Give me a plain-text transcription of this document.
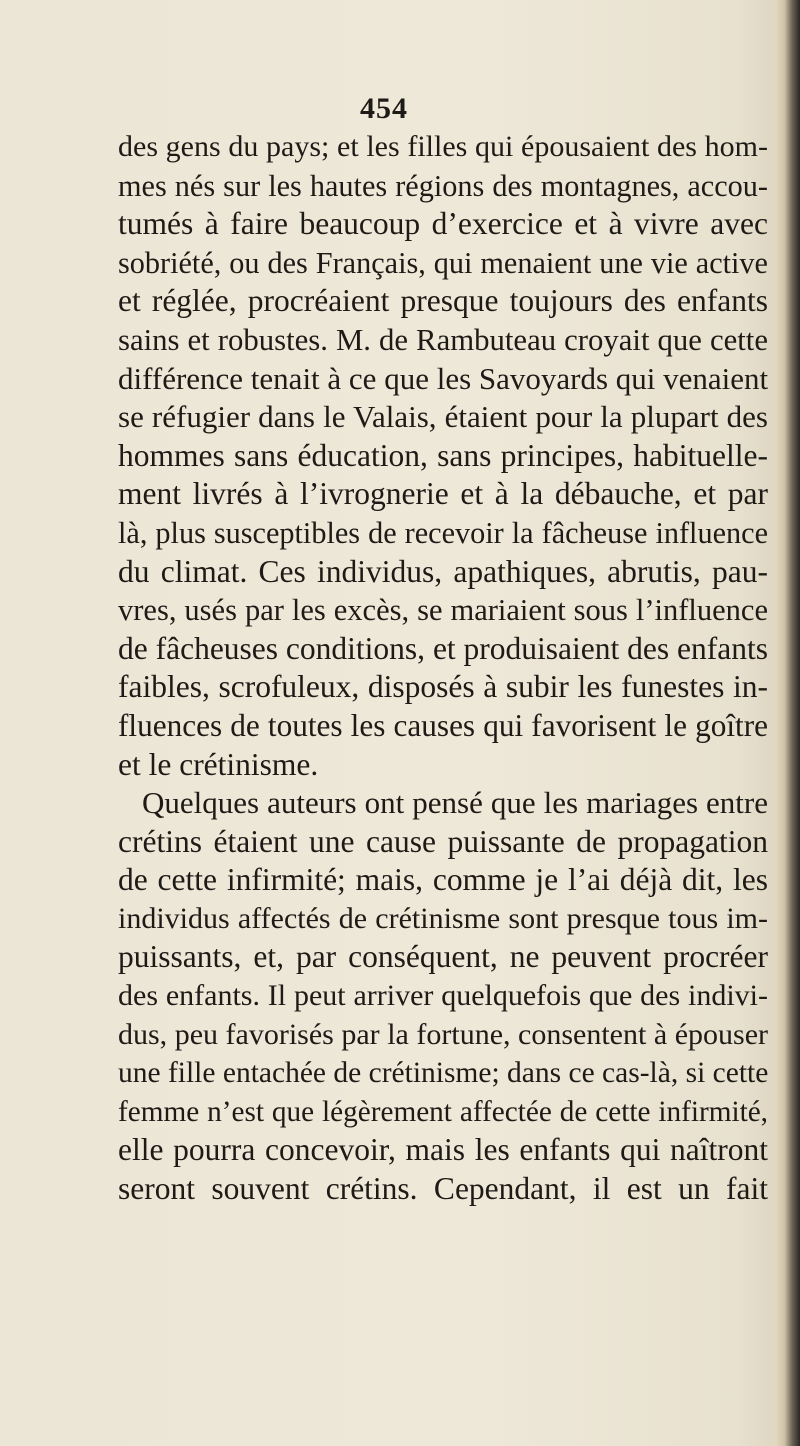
454
des gens du pays; et les filles qui épousaient des hom-
mes nés sur les hautes régions des montagnes, accou-
tumés à faire beaucoup d’exercice et à vivre avec
sobriété, ou des Français, qui menaient une vie active
et réglée, procréaient presque toujours des enfants
sains et robustes. M. de Rambuteau croyait que cette
différence tenait à ce que les Savoyards qui venaient
se réfugier dans le Valais, étaient pour la plupart des
hommes sans éducation, sans principes, habituelle-
ment livrés à l’ivrognerie et à la débauche, et par
là, plus susceptibles de recevoir la fâcheuse influence
du climat. Ces individus, apathiques, abrutis, pau-
vres, usés par les excès, se mariaient sous l’influence
de fâcheuses conditions, et produisaient des enfants
faibles, scrofuleux, disposés à subir les funestes in-
fluences de toutes les causes qui favorisent le goître
et le crétinisme.
Quelques auteurs ont pensé que les mariages entre
crétins étaient une cause puissante de propagation
de cette infirmité; mais, comme je l’ai déjà dit, les
individus affectés de crétinisme sont presque tous im-
puissants, et, par conséquent, ne peuvent procréer
des enfants. Il peut arriver quelquefois que des indivi-
dus, peu favorisés par la fortune, consentent à épouser
une fille entachée de crétinisme; dans ce cas-là, si cette
femme n’est que légèrement affectée de cette infirmité,
elle pourra concevoir, mais les enfants qui naîtront
seront souvent crétins. Cependant, il est un fait
